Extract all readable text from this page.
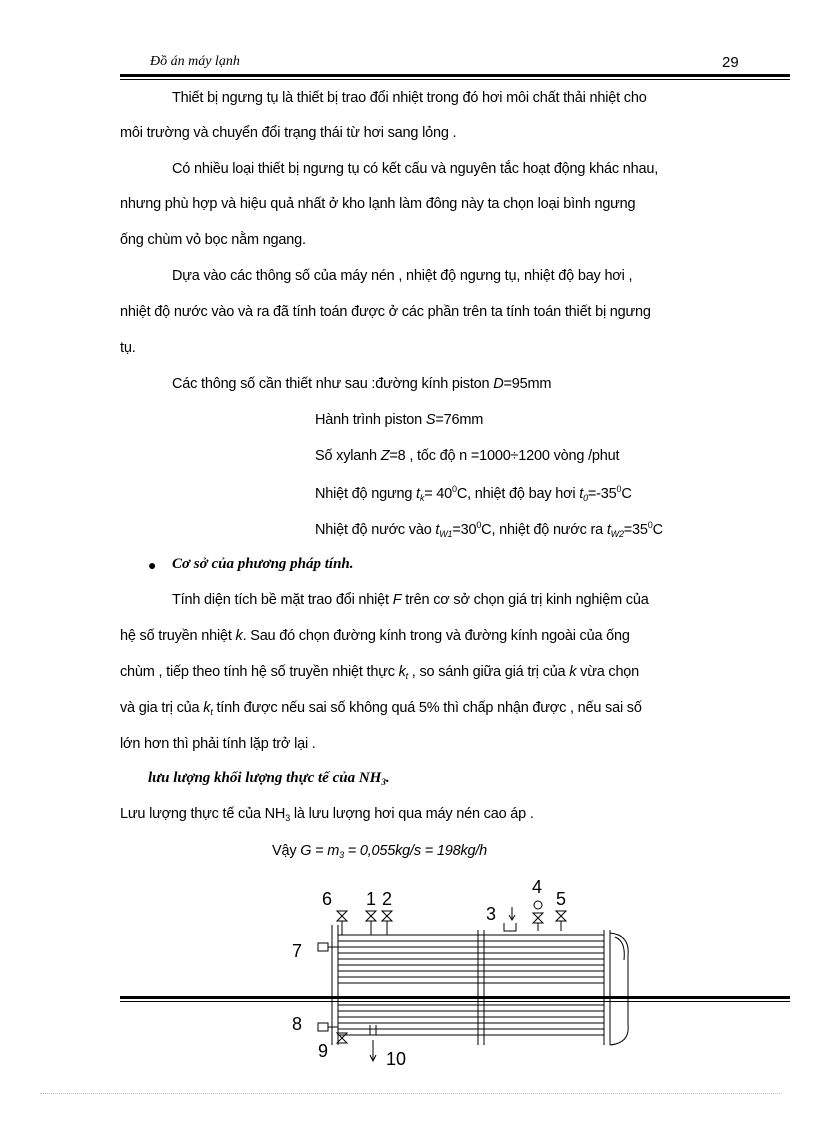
Đồ án máy lạnh	29
Thiết bị ngưng tụ là thiết bị trao đổi nhiệt trong đó hơi môi chất thải nhiệt cho
môi trường và chuyển đổi trạng thái từ hơi sang lỏng .
Có nhiều loại thiết bị ngưng tụ có kết cấu và nguyên tắc hoạt động khác nhau,
nhưng phù hợp và hiệu quả nhất ở kho lạnh làm đông này ta chọn loại bình ngưng
ống chùm vỏ bọc nằm ngang.
Dựa vào các thông số của máy nén , nhiệt độ ngưng tụ, nhiệt độ bay hơi ,
nhiệt độ nước vào và ra đã tính toán được ở các phần trên ta tính toán thiết bị ngưng
tụ.
Các thông số cần thiết như sau :đường kính piston D=95mm
Hành trình piston S=76mm
Số xylanh Z=8 , tốc độ n =1000÷1200 vòng /phut
Nhiệt độ ngưng $t_k= 40^0C$, nhiệt độ bay hơi $t_0=-35^0C$
Nhiệt độ nước vào $t_{W1}=30^0C$, nhiệt độ nước ra $t_{W2}=35^0C$
● Cơ sở của phương pháp tính.
Tính diện tích bề mặt trao đổi nhiệt F trên cơ sở chọn giá trị kinh nghiệm của
hệ số truyền nhiệt k. Sau đó chọn đường kính trong và đường kính ngoài của ống
chùm , tiếp theo tính hệ số truyền nhiệt thực $k_t$ , so sánh giữa giá trị của k vừa chọn
và gia trị của $k_t$ tính được nếu sai số không quá 5% thì chấp nhận được , nếu sai số
lớn hơn thì phải tính lặp trở lại .
lưu lượng khối lượng thực tế của $NH_3$.
Lưu lượng thực tế của $NH_3$ là lưu lượng hơi qua máy nén cao áp .
Vậy $G = m_3 = 0,055kg/s = 198kg/h$
6 1 2
3
4
5
7
8
9	10
